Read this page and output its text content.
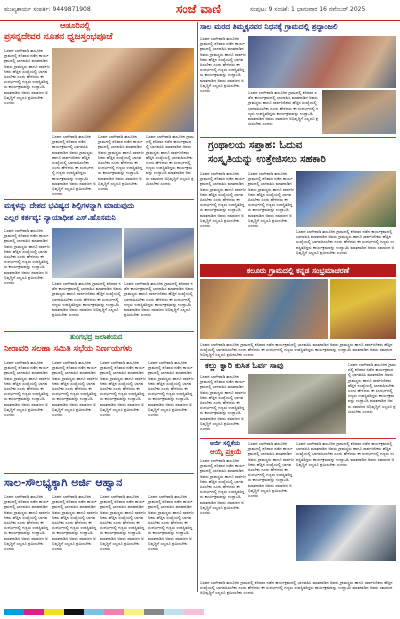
ಮುಖ್ಯಕಾರ್ಯ ಸಂಪರ್ಕ: 9449871908	ಸಂಜೆ ವಾಣಿ	ಸಂಪುಟ: 9 ಸಂಚಿಕೆ: 1 ಭಾನುವಾರ 16 ನವೆಂಬರ್ 2025
ಆಡೂರಿನಲ್ಲಿ
ಪ್ರಸನ್ನದೇವರ ನೂತನ ಧ್ವಜಸ್ತಂಭಪೂಜೆ
ಬಸವನ ಬಾಗೇವಾಡಿ ತಾಲೂಕಿನ ಗ್ರಾಮದಲ್ಲಿ ಶನಿವಾರ ನಡೆದ ಕಾರ್ಯಕ್ರಮದಲ್ಲಿ ಭಾಗವಹಿಸಿ ಮಾತನಾಡಿದ ಅವರು ಗ್ರಾಮಸ್ಥರು ಹಾಗೂ ಸಾರ್ವಜನಿಕರು ಹೆಚ್ಚಿನ ಸಂಖ್ಯೆಯಲ್ಲಿ ಭಾಗವಹಿಸಬೇಕು ಎಂದು ಹೇಳಿದರು ಈ ಸಂದರ್ಭದಲ್ಲಿ ಗಣ್ಯರು ಉಪಸ್ಥಿತರಿದ್ದರು ಕಾರ್ಯಕ್ರಮವನ್ನು ಉದ್ಘಾಟಿಸಿ ಮಾತನಾಡಿದ ಅವರು ಸಮಾಜದ ಅಭಿವೃದ್ಧಿಗೆ ಎಲ್ಲರೂ ಶ್ರಮಿಸಬೇಕು ಎಂದರು
ಬಸವನ ಬಾಗೇವಾಡಿ ತಾಲೂಕಿನ ಗ್ರಾಮದಲ್ಲಿ ಶನಿವಾರ ನಡೆದ ಕಾರ್ಯಕ್ರಮದಲ್ಲಿ ಭಾಗವಹಿಸಿ ಮಾತನಾಡಿದ ಅವರು ಗ್ರಾಮಸ್ಥರು ಹಾಗೂ ಸಾರ್ವಜನಿಕರು ಹೆಚ್ಚಿನ ಸಂಖ್ಯೆಯಲ್ಲಿ ಭಾಗವಹಿಸಬೇಕು ಎಂದು ಹೇಳಿದರು ಈ ಸಂದರ್ಭದಲ್ಲಿ ಗಣ್ಯರು ಉಪಸ್ಥಿತರಿದ್ದರು ಕಾರ್ಯಕ್ರಮವನ್ನು ಉದ್ಘಾಟಿಸಿ ಮಾತನಾಡಿದ ಅವರು ಸಮಾಜದ ಅಭಿವೃದ್ಧಿಗೆ ಎಲ್ಲರೂ ಶ್ರಮಿಸಬೇಕು ಎಂದರು
ಬಸವನ ಬಾಗೇವಾಡಿ ತಾಲೂಕಿನ ಗ್ರಾಮದಲ್ಲಿ ಶನಿವಾರ ನಡೆದ ಕಾರ್ಯಕ್ರಮದಲ್ಲಿ ಭಾಗವಹಿಸಿ ಮಾತನಾಡಿದ ಅವರು ಗ್ರಾಮಸ್ಥರು ಹಾಗೂ ಸಾರ್ವಜನಿಕರು ಹೆಚ್ಚಿನ ಸಂಖ್ಯೆಯಲ್ಲಿ ಭಾಗವಹಿಸಬೇಕು ಎಂದು ಹೇಳಿದರು ಈ ಸಂದರ್ಭದಲ್ಲಿ ಗಣ್ಯರು ಉಪಸ್ಥಿತರಿದ್ದರು ಕಾರ್ಯಕ್ರಮವನ್ನು ಉದ್ಘಾಟಿಸಿ ಮಾತನಾಡಿದ ಅವರು ಸಮಾಜದ ಅಭಿವೃದ್ಧಿಗೆ ಎಲ್ಲರೂ ಶ್ರಮಿಸಬೇಕು ಎಂದರು
ಬಸವನ ಬಾಗೇವಾಡಿ ತಾಲೂಕಿನ ಗ್ರಾಮದಲ್ಲಿ ಶನಿವಾರ ನಡೆದ ಕಾರ್ಯಕ್ರಮದಲ್ಲಿ ಭಾಗವಹಿಸಿ ಮಾತನಾಡಿದ ಅವರು ಗ್ರಾಮಸ್ಥರು ಹಾಗೂ ಸಾರ್ವಜನಿಕರು ಹೆಚ್ಚಿನ ಸಂಖ್ಯೆಯಲ್ಲಿ ಭಾಗವಹಿಸಬೇಕು ಎಂದು ಹೇಳಿದರು ಈ ಸಂದರ್ಭದಲ್ಲಿ ಗಣ್ಯರು ಉಪಸ್ಥಿತರಿದ್ದರು ಕಾರ್ಯಕ್ರಮವನ್ನು ಉದ್ಘಾಟಿಸಿ ಮಾತನಾಡಿದ ಅವರು ಸಮಾಜದ ಅಭಿವೃದ್ಧಿಗೆ ಎಲ್ಲರೂ ಶ್ರಮಿಸಬೇಕು ಎಂದರು
ಮಕ್ಕಳನ್ನು ದೇಶದ ಭವಿಷ್ಯದ ಶಿಲ್ಪಿಗಳನ್ನಾಗಿ ಮಾಡುವುದು
ಎಲ್ಲರ ಕರ್ತವ್ಯ: ನ್ಯಾಯಾಧೀಶ ಎಸ್.ಹೊಸಮನಿ
ಬಸವನ ಬಾಗೇವಾಡಿ ತಾಲೂಕಿನ ಗ್ರಾಮದಲ್ಲಿ ಶನಿವಾರ ನಡೆದ ಕಾರ್ಯಕ್ರಮದಲ್ಲಿ ಭಾಗವಹಿಸಿ ಮಾತನಾಡಿದ ಅವರು ಗ್ರಾಮಸ್ಥರು ಹಾಗೂ ಸಾರ್ವಜನಿಕರು ಹೆಚ್ಚಿನ ಸಂಖ್ಯೆಯಲ್ಲಿ ಭಾಗವಹಿಸಬೇಕು ಎಂದು ಹೇಳಿದರು ಈ ಸಂದರ್ಭದಲ್ಲಿ ಗಣ್ಯರು ಉಪಸ್ಥಿತರಿದ್ದರು ಕಾರ್ಯಕ್ರಮವನ್ನು ಉದ್ಘಾಟಿಸಿ ಮಾತನಾಡಿದ ಅವರು ಸಮಾಜದ ಅಭಿವೃದ್ಧಿಗೆ ಎಲ್ಲರೂ ಶ್ರಮಿಸಬೇಕು ಎಂದರು	ಬಸವನ ಬಾಗೇವಾಡಿ ತಾಲೂಕಿನ ಗ್ರಾಮದಲ್ಲಿ ಶನಿವಾರ ನಡೆದ ಕಾರ್ಯಕ್ರಮದಲ್ಲಿ ಭಾಗವಹಿಸಿ ಮಾತನಾಡಿದ ಅವರು ಗ್ರಾಮಸ್ಥರು ಹಾಗೂ ಸಾರ್ವಜನಿಕರು ಹೆಚ್ಚಿನ ಸಂಖ್ಯೆಯಲ್ಲಿ ಭಾಗವಹಿಸಬೇಕು ಎಂದು ಹೇಳಿದರು ಈ ಸಂದರ್ಭದಲ್ಲಿ ಗಣ್ಯರು ಉಪಸ್ಥಿತರಿದ್ದರು ಕಾರ್ಯಕ್ರಮವನ್ನು ಉದ್ಘಾಟಿಸಿ ಮಾತನಾಡಿದ ಅವರು ಸಮಾಜದ ಅಭಿವೃದ್ಧಿಗೆ ಎಲ್ಲರೂ ಶ್ರಮಿಸಬೇಕು ಎಂದರು
ಬಸವನ ಬಾಗೇವಾಡಿ ತಾಲೂಕಿನ ಗ್ರಾಮದಲ್ಲಿ ಶನಿವಾರ ನಡೆದ ಕಾರ್ಯಕ್ರಮದಲ್ಲಿ ಭಾಗವಹಿಸಿ ಮಾತನಾಡಿದ ಅವರು ಗ್ರಾಮಸ್ಥರು ಹಾಗೂ ಸಾರ್ವಜನಿಕರು ಹೆಚ್ಚಿನ ಸಂಖ್ಯೆಯಲ್ಲಿ ಭಾಗವಹಿಸಬೇಕು ಎಂದು ಹೇಳಿದರು ಈ ಸಂದರ್ಭದಲ್ಲಿ ಗಣ್ಯರು ಉಪಸ್ಥಿತರಿದ್ದರು ಕಾರ್ಯಕ್ರಮವನ್ನು ಉದ್ಘಾಟಿಸಿ ಮಾತನಾಡಿದ ಅವರು ಸಮಾಜದ ಅಭಿವೃದ್ಧಿಗೆ ಎಲ್ಲರೂ ಶ್ರಮಿಸಬೇಕು ಎಂದರು
ತುಂಗಭದ್ರ ಜಲಾಶಯದ
ನೀರಾವರಿ ಸಲಹಾ ಸಮಿತಿ ಸಭೆಯ ನಿರ್ಣಯಗಳು
ಬಸವನ ಬಾಗೇವಾಡಿ ತಾಲೂಕಿನ ಗ್ರಾಮದಲ್ಲಿ ಶನಿವಾರ ನಡೆದ ಕಾರ್ಯಕ್ರಮದಲ್ಲಿ ಭಾಗವಹಿಸಿ ಮಾತನಾಡಿದ ಅವರು ಗ್ರಾಮಸ್ಥರು ಹಾಗೂ ಸಾರ್ವಜನಿಕರು ಹೆಚ್ಚಿನ ಸಂಖ್ಯೆಯಲ್ಲಿ ಭಾಗವಹಿಸಬೇಕು ಎಂದು ಹೇಳಿದರು ಈ ಸಂದರ್ಭದಲ್ಲಿ ಗಣ್ಯರು ಉಪಸ್ಥಿತರಿದ್ದರು ಕಾರ್ಯಕ್ರಮವನ್ನು ಉದ್ಘಾಟಿಸಿ ಮಾತನಾಡಿದ ಅವರು ಸಮಾಜದ ಅಭಿವೃದ್ಧಿಗೆ ಎಲ್ಲರೂ ಶ್ರಮಿಸಬೇಕು ಎಂದರು
ಬಸವನ ಬಾಗೇವಾಡಿ ತಾಲೂಕಿನ ಗ್ರಾಮದಲ್ಲಿ ಶನಿವಾರ ನಡೆದ ಕಾರ್ಯಕ್ರಮದಲ್ಲಿ ಭಾಗವಹಿಸಿ ಮಾತನಾಡಿದ ಅವರು ಗ್ರಾಮಸ್ಥರು ಹಾಗೂ ಸಾರ್ವಜನಿಕರು ಹೆಚ್ಚಿನ ಸಂಖ್ಯೆಯಲ್ಲಿ ಭಾಗವಹಿಸಬೇಕು ಎಂದು ಹೇಳಿದರು ಈ ಸಂದರ್ಭದಲ್ಲಿ ಗಣ್ಯರು ಉಪಸ್ಥಿತರಿದ್ದರು ಕಾರ್ಯಕ್ರಮವನ್ನು ಉದ್ಘಾಟಿಸಿ ಮಾತನಾಡಿದ ಅವರು ಸಮಾಜದ ಅಭಿವೃದ್ಧಿಗೆ ಎಲ್ಲರೂ ಶ್ರಮಿಸಬೇಕು ಎಂದರು
ಬಸವನ ಬಾಗೇವಾಡಿ ತಾಲೂಕಿನ ಗ್ರಾಮದಲ್ಲಿ ಶನಿವಾರ ನಡೆದ ಕಾರ್ಯಕ್ರಮದಲ್ಲಿ ಭಾಗವಹಿಸಿ ಮಾತನಾಡಿದ ಅವರು ಗ್ರಾಮಸ್ಥರು ಹಾಗೂ ಸಾರ್ವಜನಿಕರು ಹೆಚ್ಚಿನ ಸಂಖ್ಯೆಯಲ್ಲಿ ಭಾಗವಹಿಸಬೇಕು ಎಂದು ಹೇಳಿದರು ಈ ಸಂದರ್ಭದಲ್ಲಿ ಗಣ್ಯರು ಉಪಸ್ಥಿತರಿದ್ದರು ಕಾರ್ಯಕ್ರಮವನ್ನು ಉದ್ಘಾಟಿಸಿ ಮಾತನಾಡಿದ ಅವರು ಸಮಾಜದ ಅಭಿವೃದ್ಧಿಗೆ ಎಲ್ಲರೂ ಶ್ರಮಿಸಬೇಕು ಎಂದರು
ಬಸವನ ಬಾಗೇವಾಡಿ ತಾಲೂಕಿನ ಗ್ರಾಮದಲ್ಲಿ ಶನಿವಾರ ನಡೆದ ಕಾರ್ಯಕ್ರಮದಲ್ಲಿ ಭಾಗವಹಿಸಿ ಮಾತನಾಡಿದ ಅವರು ಗ್ರಾಮಸ್ಥರು ಹಾಗೂ ಸಾರ್ವಜನಿಕರು ಹೆಚ್ಚಿನ ಸಂಖ್ಯೆಯಲ್ಲಿ ಭಾಗವಹಿಸಬೇಕು ಎಂದು ಹೇಳಿದರು ಈ ಸಂದರ್ಭದಲ್ಲಿ ಗಣ್ಯರು ಉಪಸ್ಥಿತರಿದ್ದರು ಕಾರ್ಯಕ್ರಮವನ್ನು ಉದ್ಘಾಟಿಸಿ ಮಾತನಾಡಿದ ಅವರು ಸಮಾಜದ ಅಭಿವೃದ್ಧಿಗೆ ಎಲ್ಲರೂ ಶ್ರಮಿಸಬೇಕು ಎಂದರು
ಸಾಲ-ಸೌಲಭ್ಯಕ್ಕಾಗಿ ಅರ್ಜಿ ಆಹ್ವಾನ
ಬಸವನ ಬಾಗೇವಾಡಿ ತಾಲೂಕಿನ ಗ್ರಾಮದಲ್ಲಿ ಶನಿವಾರ ನಡೆದ ಕಾರ್ಯಕ್ರಮದಲ್ಲಿ ಭಾಗವಹಿಸಿ ಮಾತನಾಡಿದ ಅವರು ಗ್ರಾಮಸ್ಥರು ಹಾಗೂ ಸಾರ್ವಜನಿಕರು ಹೆಚ್ಚಿನ ಸಂಖ್ಯೆಯಲ್ಲಿ ಭಾಗವಹಿಸಬೇಕು ಎಂದು ಹೇಳಿದರು ಈ ಸಂದರ್ಭದಲ್ಲಿ ಗಣ್ಯರು ಉಪಸ್ಥಿತರಿದ್ದರು ಕಾರ್ಯಕ್ರಮವನ್ನು ಉದ್ಘಾಟಿಸಿ ಮಾತನಾಡಿದ ಅವರು ಸಮಾಜದ ಅಭಿವೃದ್ಧಿಗೆ ಎಲ್ಲರೂ ಶ್ರಮಿಸಬೇಕು ಎಂದರು
ಬಸವನ ಬಾಗೇವಾಡಿ ತಾಲೂಕಿನ ಗ್ರಾಮದಲ್ಲಿ ಶನಿವಾರ ನಡೆದ ಕಾರ್ಯಕ್ರಮದಲ್ಲಿ ಭಾಗವಹಿಸಿ ಮಾತನಾಡಿದ ಅವರು ಗ್ರಾಮಸ್ಥರು ಹಾಗೂ ಸಾರ್ವಜನಿಕರು ಹೆಚ್ಚಿನ ಸಂಖ್ಯೆಯಲ್ಲಿ ಭಾಗವಹಿಸಬೇಕು ಎಂದು ಹೇಳಿದರು ಈ ಸಂದರ್ಭದಲ್ಲಿ ಗಣ್ಯರು ಉಪಸ್ಥಿತರಿದ್ದರು ಕಾರ್ಯಕ್ರಮವನ್ನು ಉದ್ಘಾಟಿಸಿ ಮಾತನಾಡಿದ ಅವರು ಸಮಾಜದ ಅಭಿವೃದ್ಧಿಗೆ ಎಲ್ಲರೂ ಶ್ರಮಿಸಬೇಕು ಎಂದರು
ಬಸವನ ಬಾಗೇವಾಡಿ ತಾಲೂಕಿನ ಗ್ರಾಮದಲ್ಲಿ ಶನಿವಾರ ನಡೆದ ಕಾರ್ಯಕ್ರಮದಲ್ಲಿ ಭಾಗವಹಿಸಿ ಮಾತನಾಡಿದ ಅವರು ಗ್ರಾಮಸ್ಥರು ಹಾಗೂ ಸಾರ್ವಜನಿಕರು ಹೆಚ್ಚಿನ ಸಂಖ್ಯೆಯಲ್ಲಿ ಭಾಗವಹಿಸಬೇಕು ಎಂದು ಹೇಳಿದರು ಈ ಸಂದರ್ಭದಲ್ಲಿ ಗಣ್ಯರು ಉಪಸ್ಥಿತರಿದ್ದರು ಕಾರ್ಯಕ್ರಮವನ್ನು ಉದ್ಘಾಟಿಸಿ ಮಾತನಾಡಿದ ಅವರು ಸಮಾಜದ ಅಭಿವೃದ್ಧಿಗೆ ಎಲ್ಲರೂ ಶ್ರಮಿಸಬೇಕು ಎಂದರು
ಬಸವನ ಬಾಗೇವಾಡಿ ತಾಲೂಕಿನ ಗ್ರಾಮದಲ್ಲಿ ಶನಿವಾರ ನಡೆದ ಕಾರ್ಯಕ್ರಮದಲ್ಲಿ ಭಾಗವಹಿಸಿ ಮಾತನಾಡಿದ ಅವರು ಗ್ರಾಮಸ್ಥರು ಹಾಗೂ ಸಾರ್ವಜನಿಕರು ಹೆಚ್ಚಿನ ಸಂಖ್ಯೆಯಲ್ಲಿ ಭಾಗವಹಿಸಬೇಕು ಎಂದು ಹೇಳಿದರು ಈ ಸಂದರ್ಭದಲ್ಲಿ ಗಣ್ಯರು ಉಪಸ್ಥಿತರಿದ್ದರು ಕಾರ್ಯಕ್ರಮವನ್ನು ಉದ್ಘಾಟಿಸಿ ಮಾತನಾಡಿದ ಅವರು ಸಮಾಜದ ಅಭಿವೃದ್ಧಿಗೆ ಎಲ್ಲರೂ ಶ್ರಮಿಸಬೇಕು ಎಂದರು
ಸಾಲ ಮರದ ತಿಮ್ಮಕ್ಕನವರ ನಿಧನಕ್ಕೆ ಗ್ರಾಮದಲ್ಲಿ ಶ್ರದ್ಧಾಂಜಲಿ
ಬಸವನ ಬಾಗೇವಾಡಿ ತಾಲೂಕಿನ ಗ್ರಾಮದಲ್ಲಿ ಶನಿವಾರ ನಡೆದ ಕಾರ್ಯಕ್ರಮದಲ್ಲಿ ಭಾಗವಹಿಸಿ ಮಾತನಾಡಿದ ಅವರು ಗ್ರಾಮಸ್ಥರು ಹಾಗೂ ಸಾರ್ವಜನಿಕರು ಹೆಚ್ಚಿನ ಸಂಖ್ಯೆಯಲ್ಲಿ ಭಾಗವಹಿಸಬೇಕು ಎಂದು ಹೇಳಿದರು ಈ ಸಂದರ್ಭದಲ್ಲಿ ಗಣ್ಯರು ಉಪಸ್ಥಿತರಿದ್ದರು ಕಾರ್ಯಕ್ರಮವನ್ನು ಉದ್ಘಾಟಿಸಿ ಮಾತನಾಡಿದ ಅವರು ಸಮಾಜದ ಅಭಿವೃದ್ಧಿಗೆ ಎಲ್ಲರೂ ಶ್ರಮಿಸಬೇಕು ಎಂದರು	ಬಸವನ ಬಾಗೇವಾಡಿ ತಾಲೂಕಿನ ಗ್ರಾಮದಲ್ಲಿ ಶನಿವಾರ ನಡೆದ ಕಾರ್ಯಕ್ರಮದಲ್ಲಿ ಭಾಗವಹಿಸಿ ಮಾತನಾಡಿದ ಅವರು ಗ್ರಾಮಸ್ಥರು ಹಾಗೂ ಸಾರ್ವಜನಿಕರು ಹೆಚ್ಚಿನ ಸಂಖ್ಯೆಯಲ್ಲಿ ಭಾಗವಹಿಸಬೇಕು ಎಂದು ಹೇಳಿದರು ಈ ಸಂದರ್ಭದಲ್ಲಿ ಗಣ್ಯರು ಉಪಸ್ಥಿತರಿದ್ದರು ಕಾರ್ಯಕ್ರಮವನ್ನು ಉದ್ಘಾಟಿಸಿ ಮಾತನಾಡಿದ ಅವರು ಸಮಾಜದ ಅಭಿವೃದ್ಧಿಗೆ ಎಲ್ಲರೂ ಶ್ರಮಿಸಬೇಕು ಎಂದರು
ಗ್ರಂಥಾಲಯ ಸಪ್ತಾಹ: ಓದುವ
ಸಂಸ್ಕೃತಿಯನ್ನು ಉತ್ತೇಜಿಸಲು ಸಹಕಾರಿ
ಬಸವನ ಬಾಗೇವಾಡಿ ತಾಲೂಕಿನ ಗ್ರಾಮದಲ್ಲಿ ಶನಿವಾರ ನಡೆದ ಕಾರ್ಯಕ್ರಮದಲ್ಲಿ ಭಾಗವಹಿಸಿ ಮಾತನಾಡಿದ ಅವರು ಗ್ರಾಮಸ್ಥರು ಹಾಗೂ ಸಾರ್ವಜನಿಕರು ಹೆಚ್ಚಿನ ಸಂಖ್ಯೆಯಲ್ಲಿ ಭಾಗವಹಿಸಬೇಕು ಎಂದು ಹೇಳಿದರು ಈ ಸಂದರ್ಭದಲ್ಲಿ ಗಣ್ಯರು ಉಪಸ್ಥಿತರಿದ್ದರು ಕಾರ್ಯಕ್ರಮವನ್ನು ಉದ್ಘಾಟಿಸಿ ಮಾತನಾಡಿದ ಅವರು ಸಮಾಜದ ಅಭಿವೃದ್ಧಿಗೆ ಎಲ್ಲರೂ ಶ್ರಮಿಸಬೇಕು ಎಂದರು
ಬಸವನ ಬಾಗೇವಾಡಿ ತಾಲೂಕಿನ ಗ್ರಾಮದಲ್ಲಿ ಶನಿವಾರ ನಡೆದ ಕಾರ್ಯಕ್ರಮದಲ್ಲಿ ಭಾಗವಹಿಸಿ ಮಾತನಾಡಿದ ಅವರು ಗ್ರಾಮಸ್ಥರು ಹಾಗೂ ಸಾರ್ವಜನಿಕರು ಹೆಚ್ಚಿನ ಸಂಖ್ಯೆಯಲ್ಲಿ ಭಾಗವಹಿಸಬೇಕು ಎಂದು ಹೇಳಿದರು ಈ ಸಂದರ್ಭದಲ್ಲಿ ಗಣ್ಯರು ಉಪಸ್ಥಿತರಿದ್ದರು ಕಾರ್ಯಕ್ರಮವನ್ನು ಉದ್ಘಾಟಿಸಿ ಮಾತನಾಡಿದ ಅವರು ಸಮಾಜದ ಅಭಿವೃದ್ಧಿಗೆ ಎಲ್ಲರೂ ಶ್ರಮಿಸಬೇಕು ಎಂದರು
ಬಸವನ ಬಾಗೇವಾಡಿ ತಾಲೂಕಿನ ಗ್ರಾಮದಲ್ಲಿ ಶನಿವಾರ ನಡೆದ ಕಾರ್ಯಕ್ರಮದಲ್ಲಿ ಭಾಗವಹಿಸಿ ಮಾತನಾಡಿದ ಅವರು ಗ್ರಾಮಸ್ಥರು ಹಾಗೂ ಸಾರ್ವಜನಿಕರು ಹೆಚ್ಚಿನ ಸಂಖ್ಯೆಯಲ್ಲಿ ಭಾಗವಹಿಸಬೇಕು ಎಂದು ಹೇಳಿದರು ಈ ಸಂದರ್ಭದಲ್ಲಿ ಗಣ್ಯರು ಉಪಸ್ಥಿತರಿದ್ದರು ಕಾರ್ಯಕ್ರಮವನ್ನು ಉದ್ಘಾಟಿಸಿ ಮಾತನಾಡಿದ ಅವರು ಸಮಾಜದ ಅಭಿವೃದ್ಧಿಗೆ ಎಲ್ಲರೂ ಶ್ರಮಿಸಬೇಕು ಎಂದರು
ಕಲೂರು ಗ್ರಾಮದಲ್ಲಿ ಕನ್ನಡ ಸಂಭ್ರಮಾಚರಣೆ
ಬಸವನ ಬಾಗೇವಾಡಿ ತಾಲೂಕಿನ ಗ್ರಾಮದಲ್ಲಿ ಶನಿವಾರ ನಡೆದ ಕಾರ್ಯಕ್ರಮದಲ್ಲಿ ಭಾಗವಹಿಸಿ ಮಾತನಾಡಿದ ಅವರು ಗ್ರಾಮಸ್ಥರು ಹಾಗೂ ಸಾರ್ವಜನಿಕರು ಹೆಚ್ಚಿನ ಸಂಖ್ಯೆಯಲ್ಲಿ ಭಾಗವಹಿಸಬೇಕು ಎಂದು ಹೇಳಿದರು ಈ ಸಂದರ್ಭದಲ್ಲಿ ಗಣ್ಯರು ಉಪಸ್ಥಿತರಿದ್ದರು ಕಾರ್ಯಕ್ರಮವನ್ನು ಉದ್ಘಾಟಿಸಿ ಮಾತನಾಡಿದ ಅವರು ಸಮಾಜದ ಅಭಿವೃದ್ಧಿಗೆ ಎಲ್ಲರೂ ಶ್ರಮಿಸಬೇಕು ಎಂದರು
ಕಲ್ಲು ಕ್ವಾರಿ ಕುಸಿತ ಓರ್ವ ಸಾವು
ಬಸವನ ಬಾಗೇವಾಡಿ ತಾಲೂಕಿನ ಗ್ರಾಮದಲ್ಲಿ ಶನಿವಾರ ನಡೆದ ಕಾರ್ಯಕ್ರಮದಲ್ಲಿ ಭಾಗವಹಿಸಿ ಮಾತನಾಡಿದ ಅವರು ಗ್ರಾಮಸ್ಥರು ಹಾಗೂ ಸಾರ್ವಜನಿಕರು ಹೆಚ್ಚಿನ ಸಂಖ್ಯೆಯಲ್ಲಿ ಭಾಗವಹಿಸಬೇಕು ಎಂದು ಹೇಳಿದರು ಈ ಸಂದರ್ಭದಲ್ಲಿ ಗಣ್ಯರು ಉಪಸ್ಥಿತರಿದ್ದರು ಕಾರ್ಯಕ್ರಮವನ್ನು ಉದ್ಘಾಟಿಸಿ ಮಾತನಾಡಿದ ಅವರು ಸಮಾಜದ ಅಭಿವೃದ್ಧಿಗೆ ಎಲ್ಲರೂ ಶ್ರಮಿಸಬೇಕು ಎಂದರು
ಬಸವನ ಬಾಗೇವಾಡಿ ತಾಲೂಕಿನ ಗ್ರಾಮದಲ್ಲಿ ಶನಿವಾರ ನಡೆದ ಕಾರ್ಯಕ್ರಮದಲ್ಲಿ ಭಾಗವಹಿಸಿ ಮಾತನಾಡಿದ ಅವರು ಗ್ರಾಮಸ್ಥರು ಹಾಗೂ ಸಾರ್ವಜನಿಕರು ಹೆಚ್ಚಿನ ಸಂಖ್ಯೆಯಲ್ಲಿ ಭಾಗವಹಿಸಬೇಕು ಎಂದು ಹೇಳಿದರು ಈ ಸಂದರ್ಭದಲ್ಲಿ ಗಣ್ಯರು ಉಪಸ್ಥಿತರಿದ್ದರು ಕಾರ್ಯಕ್ರಮವನ್ನು ಉದ್ಘಾಟಿಸಿ ಮಾತನಾಡಿದ ಅವರು ಸಮಾಜದ ಅಭಿವೃದ್ಧಿಗೆ ಎಲ್ಲರೂ ಶ್ರಮಿಸಬೇಕು ಎಂದರು
ಅರ್ಜಿ ಸಲ್ಲಿಕೆಯ
ಆಯ್ಕೆ ಪ್ರಕ್ರಿಯೆ
ಬಸವನ ಬಾಗೇವಾಡಿ ತಾಲೂಕಿನ ಗ್ರಾಮದಲ್ಲಿ ಶನಿವಾರ ನಡೆದ ಕಾರ್ಯಕ್ರಮದಲ್ಲಿ ಭಾಗವಹಿಸಿ ಮಾತನಾಡಿದ ಅವರು ಗ್ರಾಮಸ್ಥರು ಹಾಗೂ ಸಾರ್ವಜನಿಕರು ಹೆಚ್ಚಿನ ಸಂಖ್ಯೆಯಲ್ಲಿ ಭಾಗವಹಿಸಬೇಕು ಎಂದು ಹೇಳಿದರು ಈ ಸಂದರ್ಭದಲ್ಲಿ ಗಣ್ಯರು ಉಪಸ್ಥಿತರಿದ್ದರು ಕಾರ್ಯಕ್ರಮವನ್ನು ಉದ್ಘಾಟಿಸಿ ಮಾತನಾಡಿದ ಅವರು ಸಮಾಜದ ಅಭಿವೃದ್ಧಿಗೆ ಎಲ್ಲರೂ ಶ್ರಮಿಸಬೇಕು ಎಂದರು
ಬಸವನ ಬಾಗೇವಾಡಿ ತಾಲೂಕಿನ ಗ್ರಾಮದಲ್ಲಿ ಶನಿವಾರ ನಡೆದ ಕಾರ್ಯಕ್ರಮದಲ್ಲಿ ಭಾಗವಹಿಸಿ ಮಾತನಾಡಿದ ಅವರು ಗ್ರಾಮಸ್ಥರು ಹಾಗೂ ಸಾರ್ವಜನಿಕರು ಹೆಚ್ಚಿನ ಸಂಖ್ಯೆಯಲ್ಲಿ ಭಾಗವಹಿಸಬೇಕು ಎಂದು ಹೇಳಿದರು ಈ ಸಂದರ್ಭದಲ್ಲಿ ಗಣ್ಯರು ಉಪಸ್ಥಿತರಿದ್ದರು ಕಾರ್ಯಕ್ರಮವನ್ನು ಉದ್ಘಾಟಿಸಿ ಮಾತನಾಡಿದ ಅವರು ಸಮಾಜದ ಅಭಿವೃದ್ಧಿಗೆ ಎಲ್ಲರೂ ಶ್ರಮಿಸಬೇಕು ಎಂದರು
ಬಸವನ ಬಾಗೇವಾಡಿ ತಾಲೂಕಿನ ಗ್ರಾಮದಲ್ಲಿ ಶನಿವಾರ ನಡೆದ ಕಾರ್ಯಕ್ರಮದಲ್ಲಿ ಭಾಗವಹಿಸಿ ಮಾತನಾಡಿದ ಅವರು ಗ್ರಾಮಸ್ಥರು ಹಾಗೂ ಸಾರ್ವಜನಿಕರು ಹೆಚ್ಚಿನ ಸಂಖ್ಯೆಯಲ್ಲಿ ಭಾಗವಹಿಸಬೇಕು ಎಂದು ಹೇಳಿದರು ಈ ಸಂದರ್ಭದಲ್ಲಿ ಗಣ್ಯರು ಉಪಸ್ಥಿತರಿದ್ದರು ಕಾರ್ಯಕ್ರಮವನ್ನು ಉದ್ಘಾಟಿಸಿ ಮಾತನಾಡಿದ ಅವರು ಸಮಾಜದ ಅಭಿವೃದ್ಧಿಗೆ ಎಲ್ಲರೂ ಶ್ರಮಿಸಬೇಕು ಎಂದರು
ಬಸವನ ಬಾಗೇವಾಡಿ ತಾಲೂಕಿನ ಗ್ರಾಮದಲ್ಲಿ ಶನಿವಾರ ನಡೆದ ಕಾರ್ಯಕ್ರಮದಲ್ಲಿ ಭಾಗವಹಿಸಿ ಮಾತನಾಡಿದ ಅವರು ಗ್ರಾಮಸ್ಥರು ಹಾಗೂ ಸಾರ್ವಜನಿಕರು ಹೆಚ್ಚಿನ ಸಂಖ್ಯೆಯಲ್ಲಿ ಭಾಗವಹಿಸಬೇಕು ಎಂದು ಹೇಳಿದರು ಈ ಸಂದರ್ಭದಲ್ಲಿ ಗಣ್ಯರು ಉಪಸ್ಥಿತರಿದ್ದರು ಕಾರ್ಯಕ್ರಮವನ್ನು ಉದ್ಘಾಟಿಸಿ ಮಾತನಾಡಿದ ಅವರು ಸಮಾಜದ ಅಭಿವೃದ್ಧಿಗೆ ಎಲ್ಲರೂ ಶ್ರಮಿಸಬೇಕು ಎಂದರು
